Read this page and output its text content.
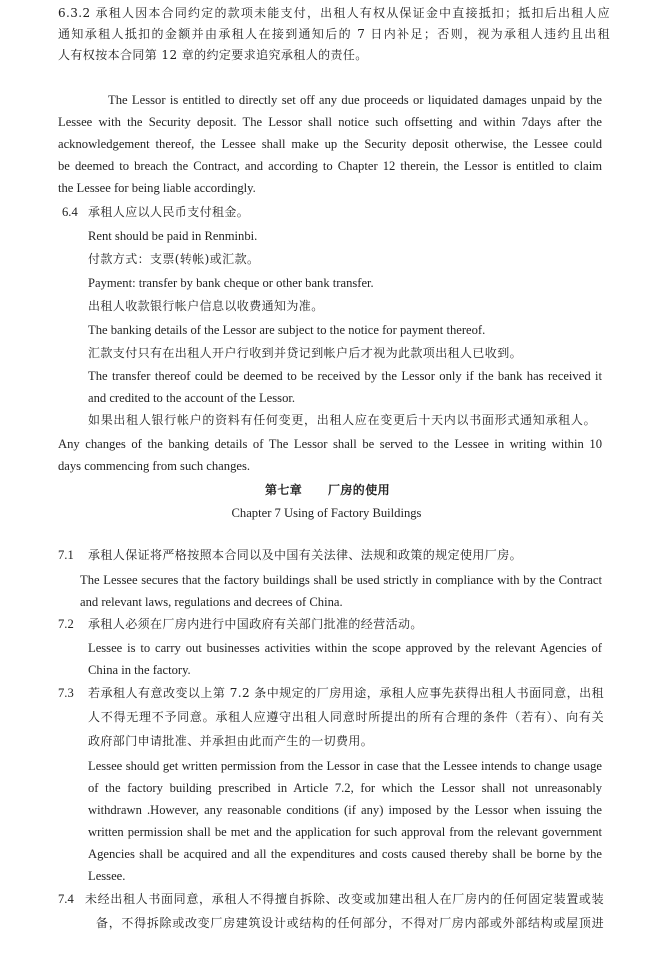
6.3.2 承租人因本合同约定的款项未能支付，出租人有权从保证金中直接抵扣；抵扣后出租人应
通知承租人抵扣的金额并由承租人在接到通知后的 7 日内补足；否则，视为承租人违约且出租
人有权按本合同第 12 章的约定要求追究承租人的责任。
The Lessor is entitled to directly set off any due proceeds or liquidated damages unpaid by the
Lessee with the Security deposit. The Lessor shall notice such offsetting and within 7days after the
acknowledgement thereof, the Lessee shall make up the Security deposit otherwise, the Lessee could
be deemed to breach the Contract, and according to Chapter 12 therein, the Lessor is entitled to claim
the Lessee for being liable accordingly.
6.4 承租人应以人民币支付租金。
Rent should be paid in Renminbi.
付款方式：支票(转帐)或汇款。
Payment: transfer by bank cheque or other bank transfer.
出租人收款银行帐户信息以收费通知为准。
The banking details of the Lessor are subject to the notice for payment thereof.
汇款支付只有在出租人开户行收到并贷记到帐户后才视为此款项出租人已收到。
The transfer thereof could be deemed to be received by the Lessor only if the bank has received it
and credited to the account of the Lessor.
如果出租人银行帐户的资料有任何变更，出租人应在变更后十天内以书面形式通知承租人。
Any changes of the banking details of The Lessor shall be served to the Lessee in writing within 10
days commencing from such changes.
第七章 厂房的使用
Chapter 7 Using of Factory Buildings
7.1 承租人保证将严格按照本合同以及中国有关法律、法规和政策的规定使用厂房。
The Lessee secures that the factory buildings shall be used strictly in compliance with by the Contract
and relevant laws, regulations and decrees of China.
7.2 承租人必须在厂房内进行中国政府有关部门批准的经营活动。
Lessee is to carry out businesses activities within the scope approved by the relevant Agencies of
China in the factory.
7.3 若承租人有意改变以上第 7.2 条中规定的厂房用途，承租人应事先获得出租人书面同意，出租
人不得无理不予同意。承租人应遵守出租人同意时所提出的所有合理的条件（若有）、向有关
政府部门申请批准、并承担由此而产生的一切费用。
Lessee should get written permission from the Lessor in case that the Lessee intends to change usage
of the factory building prescribed in Article 7.2, for which the Lessor shall not unreasonably
withdrawn .However, any reasonable conditions (if any) imposed by the Lessor when issuing the
written permission shall be met and the application for such approval from the relevant government
Agencies shall be acquired and all the expenditures and costs caused thereby shall be borne by the
Lessee.
7.4 未经出租人书面同意，承租人不得擅自拆除、改变或加建出租人在厂房内的任何固定装置或装
备，不得拆除或改变厂房建筑设计或结构的任何部分，不得对厂房内部或外部结构或屋顶进
